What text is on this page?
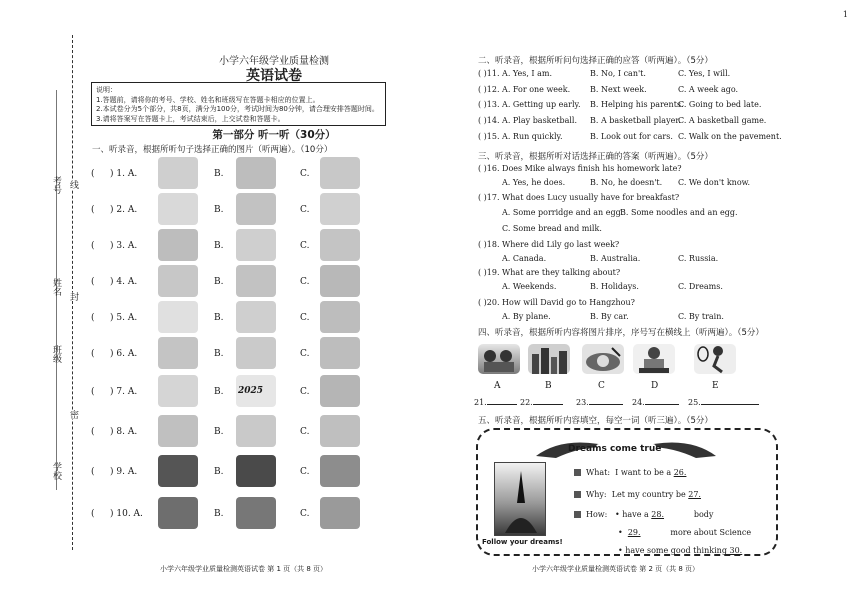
考号
姓名
班级
学校
线
封
密
1
小学六年级学业质量检测
英语试卷
说明：
1.答题前，请将你的考号、学校、姓名和班级写在答题卡相应的位置上。
2.本试卷分为5个部分，共8页，满分为100分，考试时间为80分钟，请合理安排答题时间。
3.请将答案写在答题卡上，考试结束后，上交试卷和答题卡。
第一部分 听一听（30分）
一、听录音，根据所听句子选择正确的图片（听两遍）。（10分）
( ) 1. A.	B.	C.
( ) 2. A.	B.	C.
( ) 3. A.	B.	C.
( ) 4. A.	B.	C.
( ) 5. A.	B.	C.
( ) 6. A.	B.	C.
( ) 7. A.	B.	C.
( ) 8. A.	B.	C.
( ) 9. A.	B.	C.
( ) 10. A.	B.	C.
2025
小学六年级学业质量检测英语试卷 第 1 页（共 8 页）
二、听录音，根据所听问句选择正确的应答（听两遍）。（5分）
( )11. A. Yes, I am.	B. No, I can't.	C. Yes, I will.
( )12. A. For one week. B. Next week.	C. A week ago.
( )13. A. Getting up early. B. Helping his parents.
C. Going to bed late.
( )14. A. Play basketball. B. A basketball player.
C. A basketball game.
( )15. A. Run quickly.	B. Look out for cars. C. Walk on the pavement.
三、听录音，根据所听对话选择正确的答案（听两遍）。（5分）
( )16. Does Mike always finish his homework late?
A. Yes, he does.	B. No, he doesn't. C. We don't know.
( )17. What does Lucy usually have for breakfast?
A. Some porridge and an egg.
B. Some noodles and an egg.
C. Some bread and milk.
( )18. Where did Lily go last week?
A. Canada.	B. Australia.	C. Russia.
( )19. What are they talking about?
A. Weekends.	B. Holidays.	C. Dreams.
( )20. How will David go to Hangzhou?
A. By plane.	B. By car.	C. By train.
四、听录音，根据所听内容将图片排序，序号写在横线上（听两遍）。（5分）
A	B	C	D	E
21.	22.	23.	24.	25.
五、听录音，根据所听内容填空，每空一词（听三遍）。（5分）
Dreams come true
Follow your dreams!
What: I want to be a 26.
Why: Let my country be 27.
How: • have a 28.	body
•  29.	more about Science
• have some good thinking 30.
小学六年级学业质量检测英语试卷 第 2 页（共 8 页）
